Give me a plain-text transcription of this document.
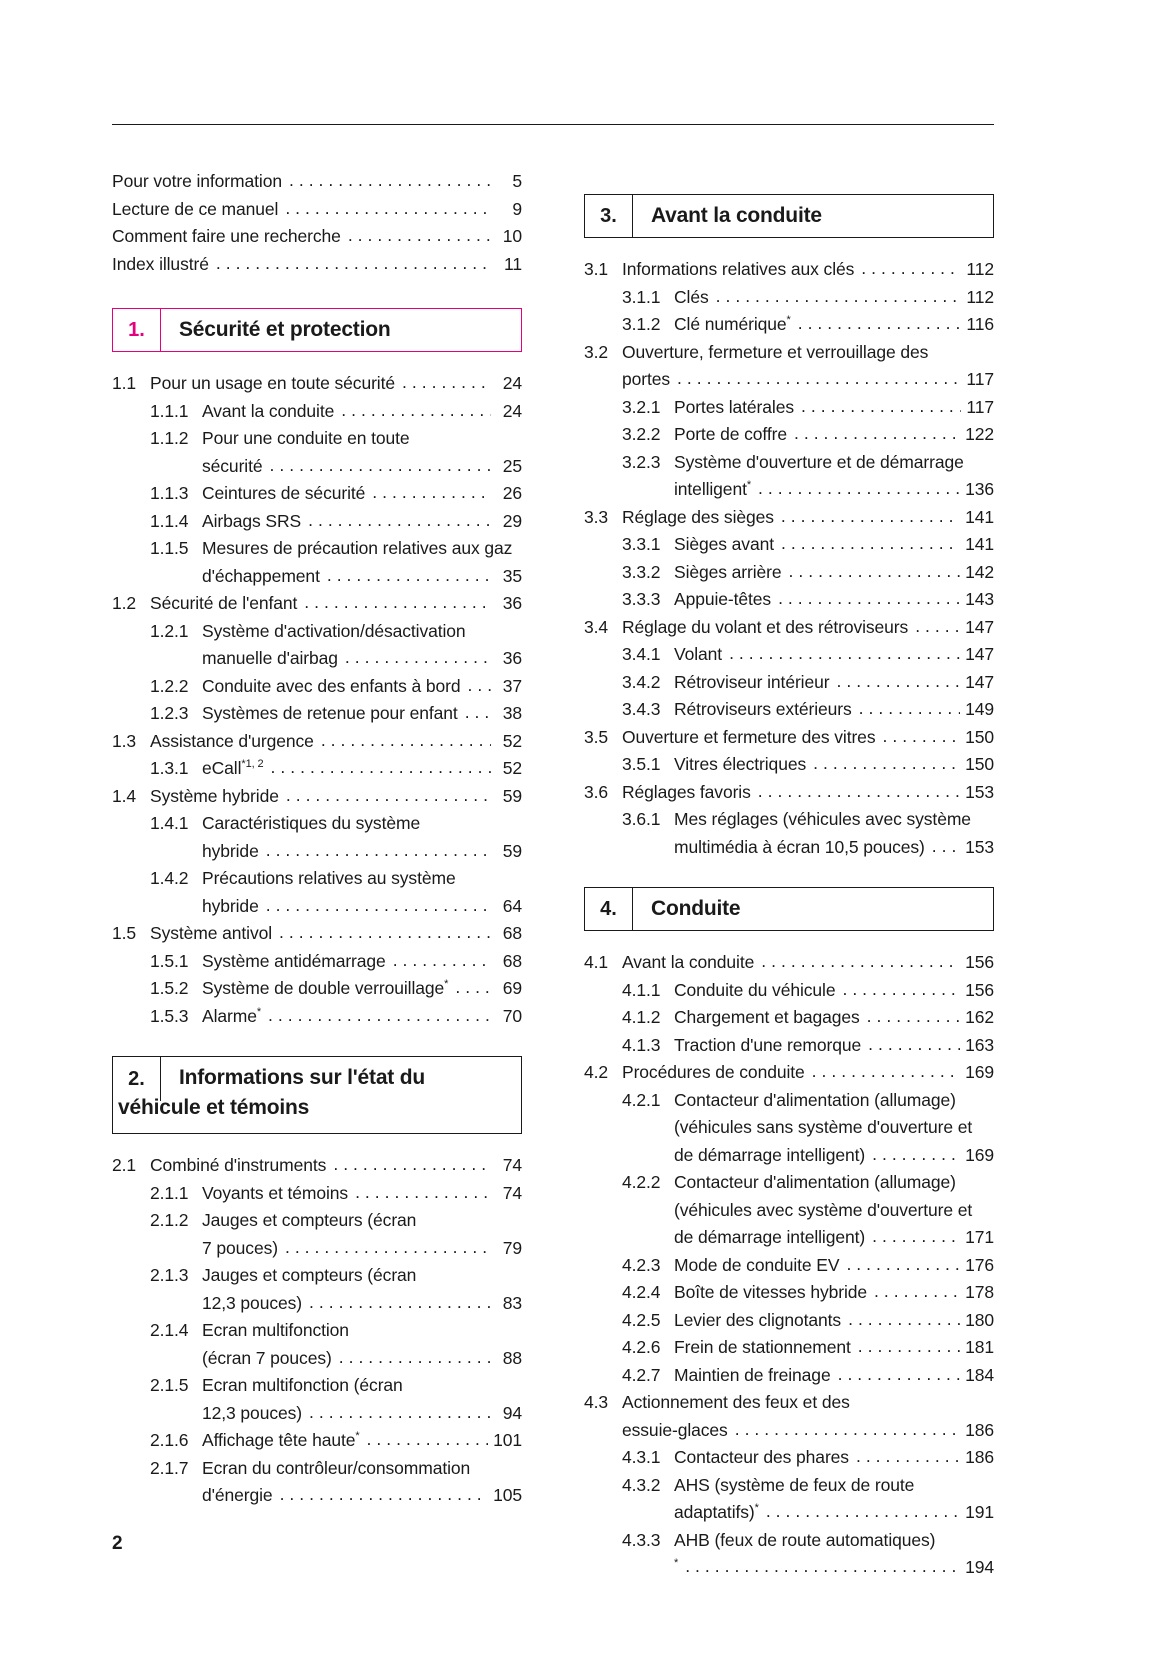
Pour votre information .....	5
Lecture de ce manuel .....	9
Comment faire une recherche .....	10
Index illustré .....	11
1.	Sécurité et protection
1.1 Pour un usage en toute sécurité .....	24
1.1.1 Avant la conduite .....	24
1.1.2 Pour une conduite en toute
sécurité .....	25
1.1.3 Ceintures de sécurité .....	26
1.1.4 Airbags SRS .....	29
1.1.5 Mesures de précaution relatives aux gaz
d'échappement .....	35
1.2 Sécurité de l'enfant .....	36
1.2.1 Système d'activation/désactivation
manuelle d'airbag .....	36
1.2.2 Conduite avec des enfants à bord .....	37
1.2.3 Systèmes de retenue pour enfant .....	38
1.3 Assistance d'urgence .....	52
1.3.1 eCall$^{*1, 2}$ .....	52
1.4 Système hybride .....	59
1.4.1 Caractéristiques du système
hybride .....	59
1.4.2 Précautions relatives au système
hybride .....	64
1.5 Système antivol .....	68
1.5.1 Système antidémarrage .....	68
1.5.2 Système de double verrouillage* .....	69
1.5.3 Alarme* .....	70
2.	Informations sur l'état du
véhicule et témoins
2.1 Combiné d'instruments .....	74
2.1.1 Voyants et témoins .....	74
2.1.2 Jauges et compteurs (écran
7 pouces) .....	79
2.1.3 Jauges et compteurs (écran
12,3 pouces) .....	83
2.1.4 Ecran multifonction
(écran 7 pouces) .....	88
2.1.5 Ecran multifonction (écran
12,3 pouces) .....	94
2.1.6 Affichage tête haute* .....	101
2.1.7 Ecran du contrôleur/consommation
d'énergie .....	105
3.	Avant la conduite
3.1 Informations relatives aux clés .....	112
3.1.1 Clés .....	112
3.1.2 Clé numérique* .....	116
3.2 Ouverture, fermeture et verrouillage des
portes .....	117
3.2.1 Portes latérales .....	117
3.2.2 Porte de coffre .....	122
3.2.3 Système d'ouverture et de démarrage
intelligent* .....	136
3.3 Réglage des sièges .....	141
3.3.1 Sièges avant .....	141
3.3.2 Sièges arrière .....	142
3.3.3 Appuie-têtes .....	143
3.4 Réglage du volant et des rétroviseurs .....	147
3.4.1 Volant .....	147
3.4.2 Rétroviseur intérieur .....	147
3.4.3 Rétroviseurs extérieurs .....	149
3.5 Ouverture et fermeture des vitres .....	150
3.5.1 Vitres électriques .....	150
3.6 Réglages favoris .....	153
3.6.1 Mes réglages (véhicules avec système
multimédia à écran 10,5 pouces) ..... 153
4.	Conduite
4.1 Avant la conduite .....	156
4.1.1 Conduite du véhicule .....	156
4.1.2 Chargement et bagages .....	162
4.1.3 Traction d'une remorque .....	163
4.2 Procédures de conduite .....	169
4.2.1 Contacteur d'alimentation (allumage)
(véhicules sans système d'ouverture et
de démarrage intelligent) .....	169
4.2.2 Contacteur d'alimentation (allumage)
(véhicules avec système d'ouverture et
de démarrage intelligent) .....	171
4.2.3 Mode de conduite EV .....	176
4.2.4 Boîte de vitesses hybride .....	178
4.2.5 Levier des clignotants .....	180
4.2.6 Frein de stationnement .....	181
4.2.7 Maintien de freinage .....	184
4.3 Actionnement des feux et des
essuie-glaces .....	186
4.3.1 Contacteur des phares .....	186
4.3.2 AHS (système de feux de route
adaptatifs)* .....	191
4.3.3 AHB (feux de route automatiques)
* .....	194
2
